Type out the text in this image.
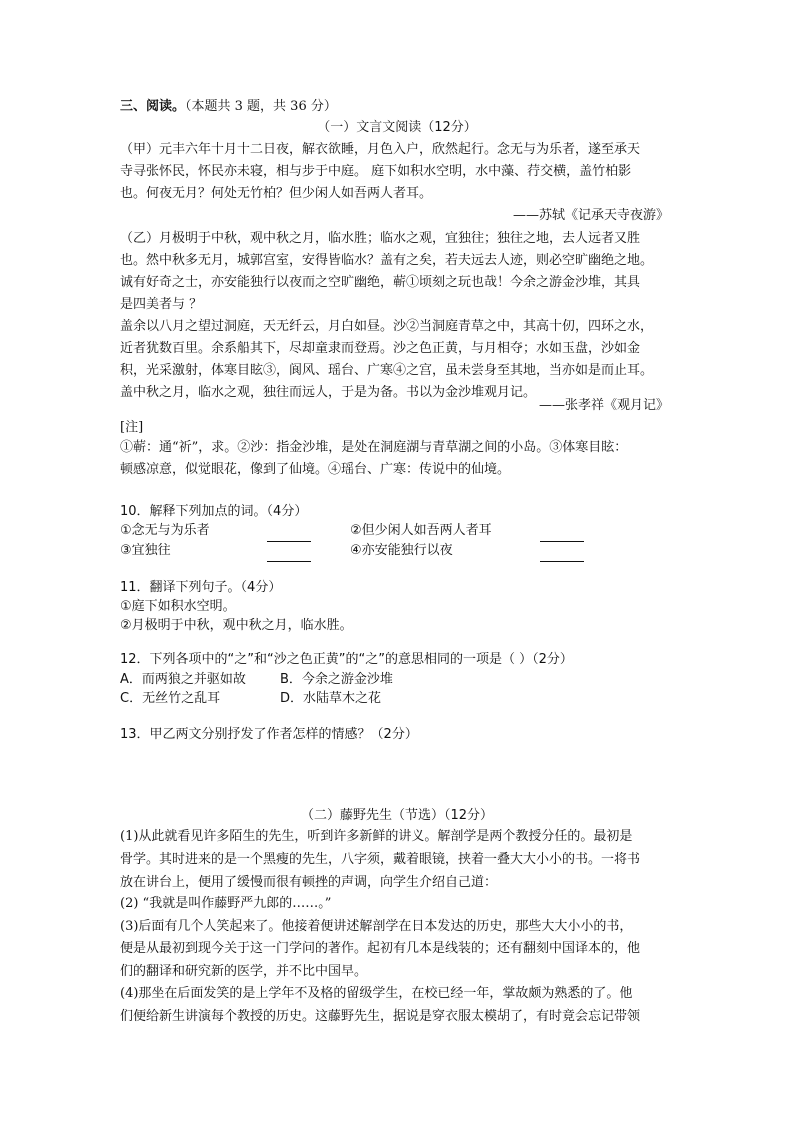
三、阅读。（本题共 3 题，共 36 分）
（一）文言文阅读（12分）
（甲）元丰六年十月十二日夜，解衣欲睡，月色入户，欣然起行。念无与为乐者，遂至承天
寺寻张怀民，怀民亦未寝，相与步于中庭。 庭下如积水空明，水中藻、荇交横，盖竹柏影
也。何夜无月？何处无竹柏？但少闲人如吾两人者耳。
——苏轼《记承天寺夜游》
（乙）月极明于中秋，观中秋之月，临水胜；临水之观，宜独往；独往之地，去人远者又胜
也。然中秋多无月，城郭宫室，安得皆临水？盖有之矣，若夫远去人迹，则必空旷幽绝之地。
诚有好奇之士，亦安能独行以夜而之空旷幽绝，蕲①顷刻之玩也哉！今余之游金沙堆，其具
是四美者与 ？
盖余以八月之望过洞庭，天无纤云，月白如昼。沙②当洞庭青草之中，其高十仞，四环之水，
近者犹数百里。余系船其下，尽却童隶而登焉。沙之色正黄，与月相夺；水如玉盘，沙如金
积，光采激射，体寒目眩③，阆风、瑶台、广寒④之宫，虽未尝身至其地，当亦如是而止耳。
盖中秋之月，临水之观，独往而远人，于是为备。书以为金沙堆观月记。
——张孝祥《观月记》
[注]
①蕲：通“祈”，求。②沙：指金沙堆，是处在洞庭湖与青草湖之间的小岛。③体寒目眩：
顿感凉意，似觉眼花，像到了仙境。④瑶台、广寒：传说中的仙境。
10．解释下列加点的词。（4分）
①念无与为乐者	②但少闲人如吾两人者耳
③宜独往	④亦安能独行以夜
11．翻译下列句子。（4分）
①庭下如积水空明。
②月极明于中秋，观中秋之月，临水胜。
12．下列各项中的“之”和“沙之色正黄”的“之”的意思相同的一项是（ ）（2分）
A．而两狼之并驱如故	B．今余之游金沙堆
C．无丝竹之乱耳	D．水陆草木之花
13．甲乙两文分别抒发了作者怎样的情感？（2分）
（二）藤野先生（节选）（12分）
(1)从此就看见许多陌生的先生，听到许多新鲜的讲义。解剖学是两个教授分任的。最初是
骨学。其时进来的是一个黑瘦的先生，八字须，戴着眼镜，挟着一叠大大小小的书。一将书
放在讲台上，便用了缓慢而很有顿挫的声调，向学生介绍自己道：
(2) “我就是叫作藤野严九郎的……。”
(3)后面有几个人笑起来了。他接着便讲述解剖学在日本发达的历史，那些大大小小的书，
便是从最初到现今关于这一门学问的著作。起初有几本是线装的；还有翻刻中国译本的，他
们的翻译和研究新的医学，并不比中国早。
(4)那坐在后面发笑的是上学年不及格的留级学生，在校已经一年，掌故颇为熟悉的了。他
们便给新生讲演每个教授的历史。这藤野先生，据说是穿衣服太模胡了，有时竟会忘记带领
